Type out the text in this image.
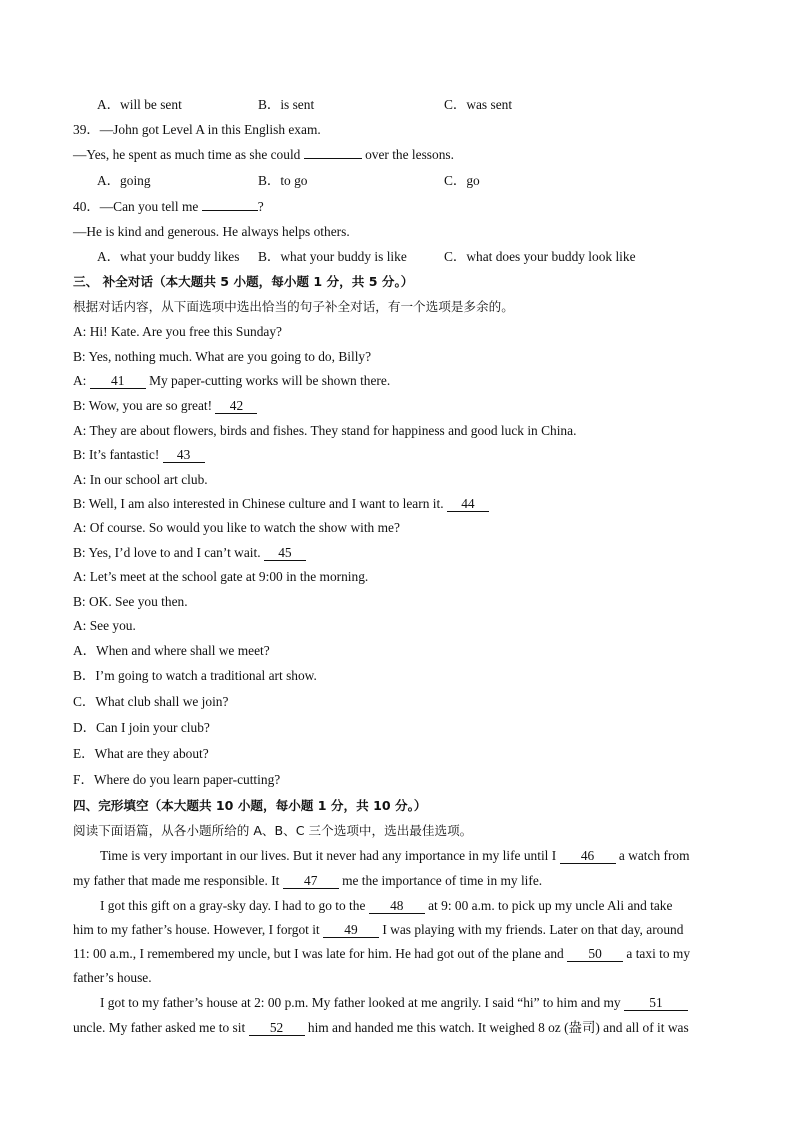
A．will be sent	B．is sent	C．was sent
39．—John got Level A in this English exam.
—Yes, he spent as much time as she could	over the lessons.
A．going	B．to go	C．go
40．—Can you tell me	?
—He is kind and generous. He always helps others.
A．what your buddy likes B．what your buddy is like	C．what does your buddy look like
三、 补全对话（本大题共 5 小题，每小题 1 分，共 5 分。）
根据对话内容，从下面选项中选出恰当的句子补全对话，有一个选项是多余的。
A: Hi! Kate. Are you free this Sunday?
B: Yes, nothing much. What are you going to do, Billy?
A: 41 My paper-cutting works will be shown there.
B: Wow, you are so great! 42
A: They are about flowers, birds and fishes. They stand for happiness and good luck in China.
B: It’s fantastic! 43
A: In our school art club.
B: Well, I am also interested in Chinese culture and I want to learn it. 44
A: Of course. So would you like to watch the show with me?
B: Yes, I’d love to and I can’t wait. 45
A: Let’s meet at the school gate at 9:00 in the morning.
B: OK. See you then.
A: See you.
A．When and where shall we meet?
B．I’m going to watch a traditional art show.
C．What club shall we join?
D．Can I join your club?
E．What are they about?
F．Where do you learn paper-cutting?
四、完形填空（本大题共 10 小题，每小题 1 分，共 10 分。）
阅读下面语篇，从各小题所给的 A、B、C 三个选项中，选出最佳选项。
Time is very important in our lives. But it never had any importance in my life until I 46 a watch from
my father that made me responsible. It 47 me the importance of time in my life.
I got this gift on a gray-sky day. I had to go to the 48 at 9: 00 a.m. to pick up my uncle Ali and take
him to my father’s house. However, I forgot it 49 I was playing with my friends. Later on that day, around
11: 00 a.m., I remembered my uncle, but I was late for him. He had got out of the plane and 50 a taxi to my
father’s house.
I got to my father’s house at 2: 00 p.m. My father looked at me angrily. I said “hi” to him and my 51
uncle. My father asked me to sit 52 him and handed me this watch. It weighed 8 oz (盎司) and all of it was
